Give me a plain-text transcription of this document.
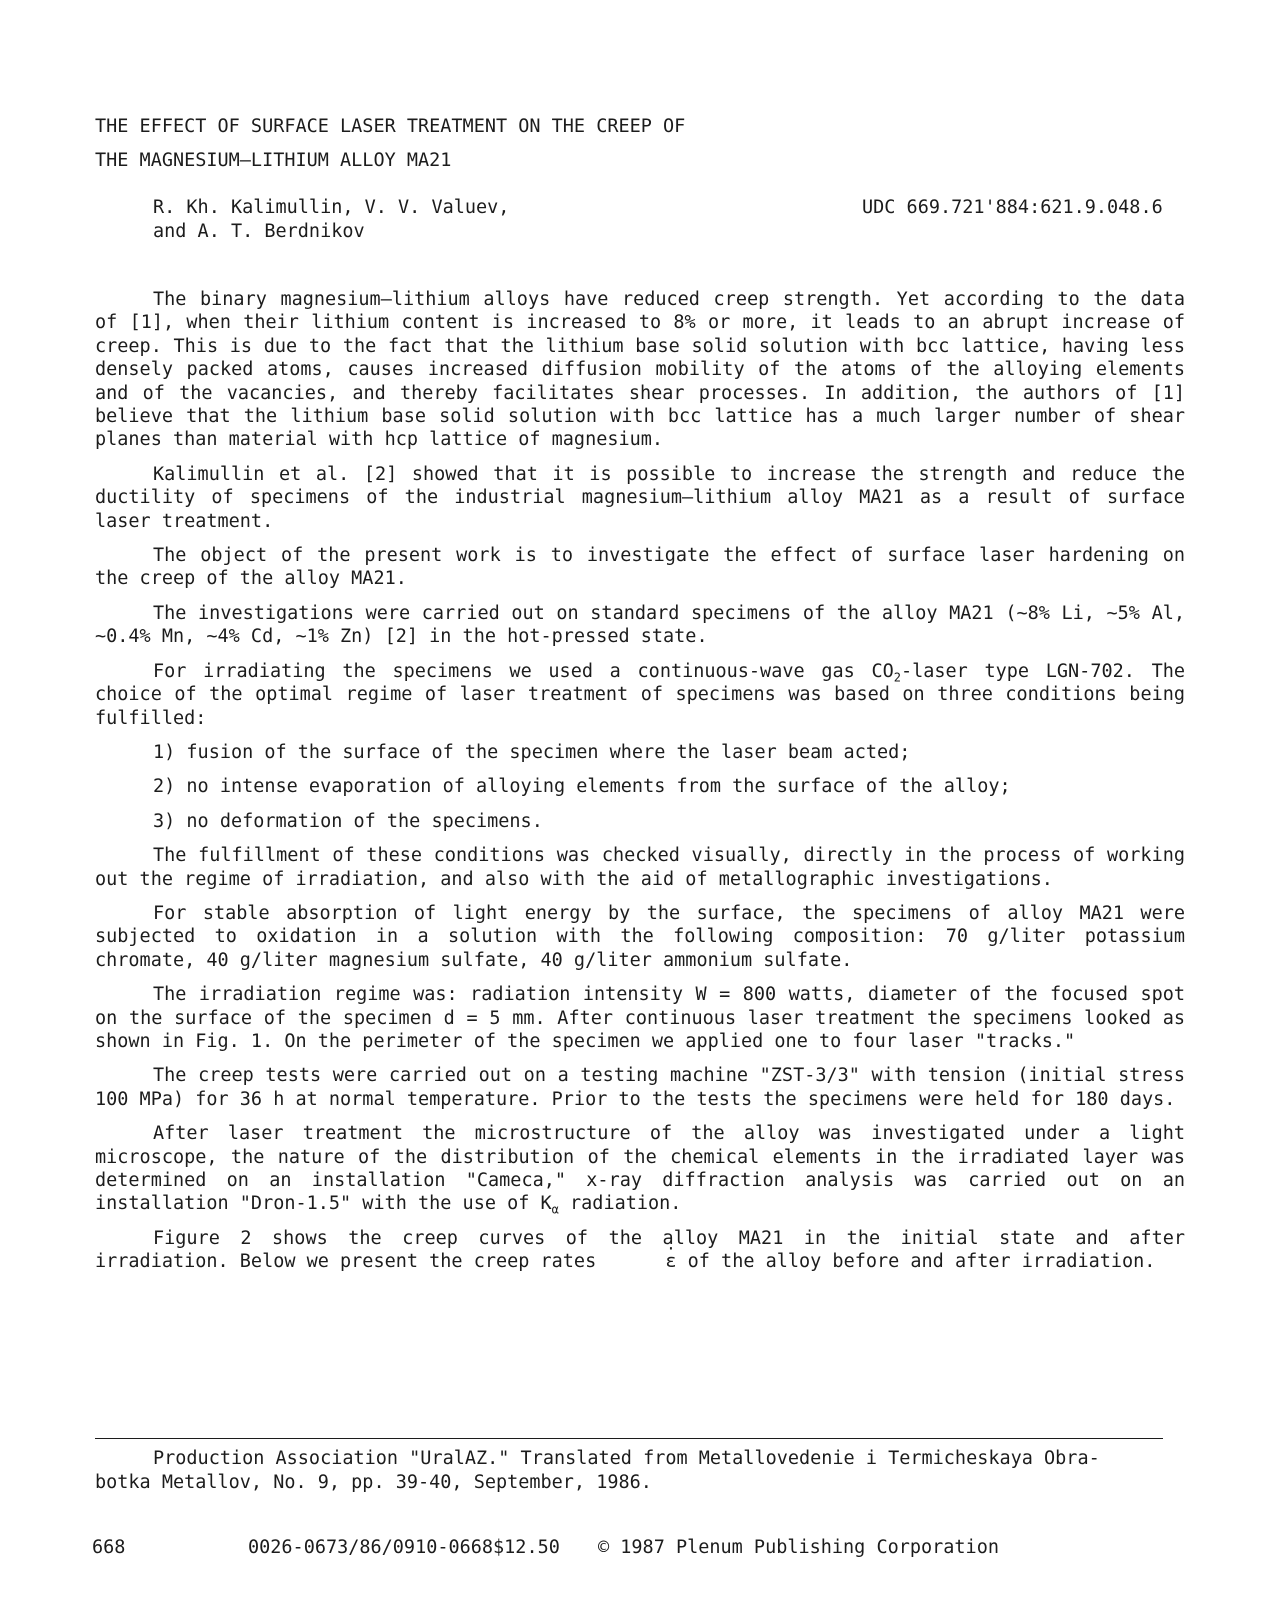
THE EFFECT OF SURFACE LASER TREATMENT ON THE CREEP OF
THE MAGNESIUM—LITHIUM ALLOY MA21
R. Kh. Kalimullin, V. V. Valuev,
and A. T. Berdnikov
UDC 669.721'884:621.9.048.6

The binary magnesium—lithium alloys have reduced creep strength. Yet according to the data of [1], when their lithium content is increased to 8% or more, it leads to an abrupt increase of creep. This is due to the fact that the lithium base solid solution with bcc lattice, having less densely packed atoms, causes increased diffusion mobility of the atoms of the alloying elements and of the vacancies, and thereby facilitates shear processes. In addition, the authors of [1] believe that the lithium base solid solution with bcc lattice has a much larger number of shear planes than material with hcp lattice of magnesium.

Kalimullin et al. [2] showed that it is possible to increase the strength and reduce the ductility of specimens of the industrial magnesium—lithium alloy MA21 as a result of surface laser treatment.

The object of the present work is to investigate the effect of surface laser hardening on the creep of the alloy MA21.

The investigations were carried out on standard specimens of the alloy MA21 (~8% Li, ~5% Al, ~0.4% Mn, ~4% Cd, ~1% Zn) [2] in the hot-pressed state.

For irradiating the specimens we used a continuous-wave gas $CO_2$-laser type LGN-702. The choice of the optimal regime of laser treatment of specimens was based on three conditions being fulfilled:

1) fusion of the surface of the specimen where the laser beam acted;

2) no intense evaporation of alloying elements from the surface of the alloy;

3) no deformation of the specimens.

The fulfillment of these conditions was checked visually, directly in the process of working out the regime of irradiation, and also with the aid of metallographic investigations.

For stable absorption of light energy by the surface, the specimens of alloy MA21 were subjected to oxidation in a solution with the following composition: 70 g/liter potassium chromate, 40 g/liter magnesium sulfate, 40 g/liter ammonium sulfate.

The irradiation regime was: radiation intensity W = 800 watts, diameter of the focused spot on the surface of the specimen d = 5 mm. After continuous laser treatment the specimens looked as shown in Fig. 1. On the perimeter of the specimen we applied one to four laser "tracks."

The creep tests were carried out on a testing machine "ZST-3/3" with tension (initial stress 100 MPa) for 36 h at normal temperature. Prior to the tests the specimens were held for 180 days.

After laser treatment the microstructure of the alloy was investigated under a light microscope, the nature of the distribution of the chemical elements in the irradiated layer was determined on an installation "Cameca," x-ray diffraction analysis was carried out on an installation "Dron-1.5" with the use of $K_\alpha$ radiation.

Figure 2 shows the creep curves of the alloy MA21 in the initial state and after irradiation. Below we present the creep rates	ε · of the alloy before and after irradiation.

Production Association "UralAZ." Translated from Metallovedenie i Termicheskaya Obra-
botka Metallov, No. 9, pp. 39-40, September, 1986.
668	0026-0673/86/0910-0668$12.50 © 1987 Plenum Publishing Corporation
